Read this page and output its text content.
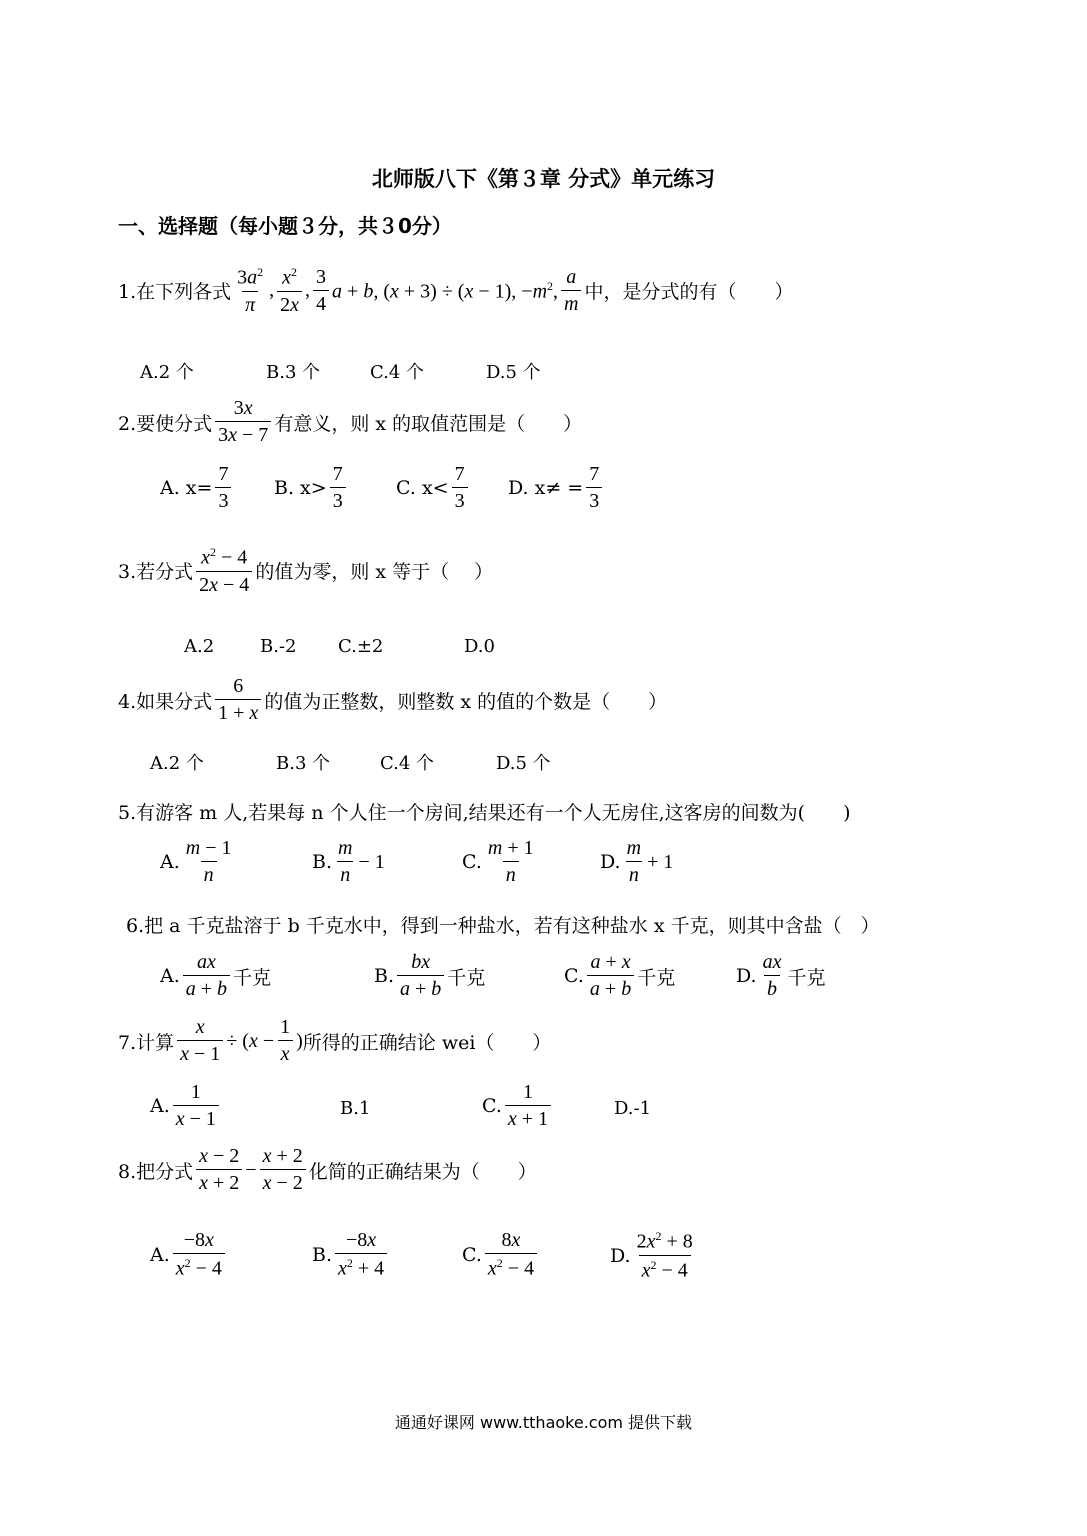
北师版八下《第３章 分式》单元练习
一、选择题（每小题３分，共３0分）
1.在下列各式 $\frac{3a^2}{\pi}$ , $\frac{x^2}{2x}$ , $\frac{3}{4}$ a + b, (x + 3) ÷ (x − 1), $-m^2$, $\frac{a}{m}$ 中，是分式的有（　　）
A.2 个	B.3 个	C.4 个	D.5 个
2.要使分式 $\frac{3x}{3x - 7}$ 有意义，则 x 的取值范围是（　　）
A. $x= \frac{7}{3} B$. $x> \frac{7}{3}$	C. $x< \frac{7}{3} D$. $x\ne = \frac{7}{3}$
3.若分式 $\frac{x^2 - 4}{2x - 4}$ 的值为零，则 x 等于（　 ）
A.2	B.-2 C.±2	D.0
4.如果分式 $\frac{6}{1 + x}$ 的值为正整数，则整数 x 的值的个数是（　　）
A.2 个	B.3 个	C.4 个	D.5 个
5.有游客 m 人,若果每 n 个人住一个房间,结果还有一个人无房住,这客房的间数为(　　)
A. $\frac{m - 1}{n}$	B. $\frac{m}{n} - 1$	C. $\frac{m + 1}{n}$	D. $\frac{m}{n} + 1$
6.把 a 千克盐溶于 b 千克水中，得到一种盐水，若有这种盐水 x 千克，则其中含盐（　）
A. $\frac{ax}{a + b}$ 千克	B. $\frac{bx}{a + b}$ 千克	C. $\frac{a + x}{a + b}$ 千克	D. $\frac{ax}{b}$ 千克
7.计算 $\frac{x}{x - 1} \div (x - \frac{1}{x}$ ) 所得的正确结论 wei（　　）
A. $\frac{1}{x - 1}$	B.1	C. $\frac{1}{x + 1}$	D.-1
8.把分式 $\frac{x - 2}{x + 2} - \frac{x + 2}{x - 2}$ 化简的正确结果为（　　）
A. $\frac{-8x}{x^2 - 4}$	B. $\frac{-8x}{x^2 + 4}$	C. $\frac{8x}{x^2 - 4}$	D. $\frac{2x^2 + 8}{x^2 - 4}$
通通好课网 www.tthaoke.com 提供下载
